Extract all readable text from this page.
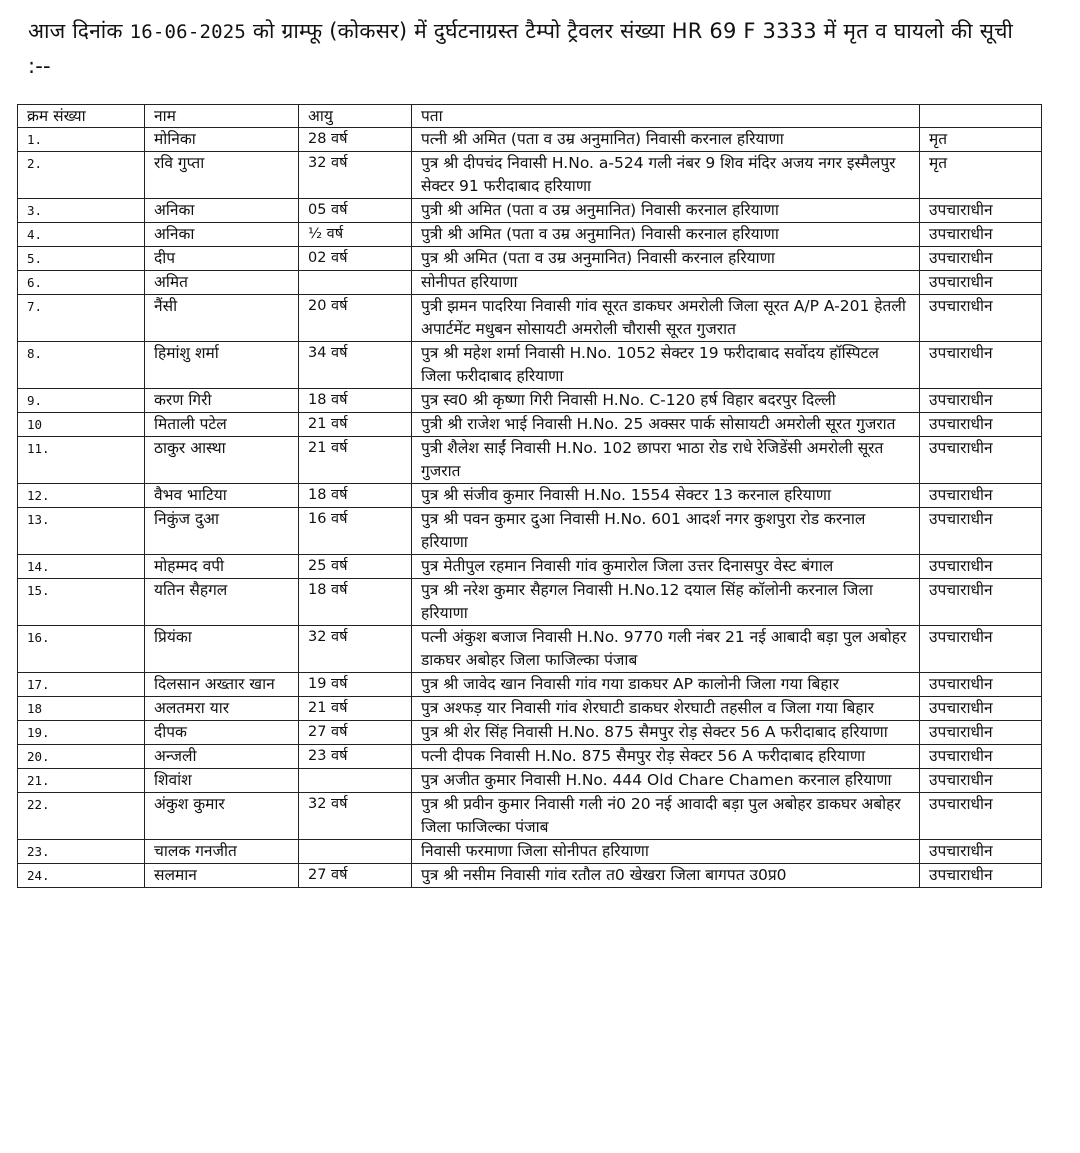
आज दिनांक 16-06-2025 को ग्राम्फू (कोकसर) में दुर्घटनाग्रस्त टैम्पो ट्रैवलर संख्या HR 69 F 3333 में मृत व घायलो की सूची :--
क्रम संख्या	नाम	आयु	पता	
1.	मोनिका	28 वर्ष	पत्नी श्री अमित (पता व उम्र अनुमानित) निवासी करनाल हरियाणा	मृत
2.	रवि गुप्ता	32 वर्ष	पुत्र श्री दीपचंद निवासी H.No. a-524 गली नंबर 9 शिव मंदिर अजय नगर इस्मैलपुर सेक्टर 91 फरीदाबाद हरियाणा	मृत
3.	अनिका	05 वर्ष	पुत्री श्री अमित (पता व उम्र अनुमानित) निवासी करनाल हरियाणा	उपचाराधीन
4.	अनिका	½ वर्ष	पुत्री श्री अमित (पता व उम्र अनुमानित) निवासी करनाल हरियाणा	उपचाराधीन
5.	दीप	02 वर्ष	पुत्र श्री अमित (पता व उम्र अनुमानित) निवासी करनाल हरियाणा	उपचाराधीन
6.	अमित		सोनीपत हरियाणा	उपचाराधीन
7.	नैंसी	20 वर्ष	पुत्री झमन पादरिया निवासी गांव सूरत डाकघर अमरोली जिला सूरत A/P A-201 हेतली अपार्टमेंट मधुबन सोसायटी अमरोली चौरासी सूरत गुजरात	उपचाराधीन
8.	हिमांशु शर्मा	34 वर्ष	पुत्र श्री महेश शर्मा निवासी H.No. 1052 सेक्टर 19 फरीदाबाद सर्वोदय हॉस्पिटल जिला फरीदाबाद हरियाणा	उपचाराधीन
9.	करण गिरी	18 वर्ष	पुत्र स्व0 श्री कृष्णा गिरी निवासी H.No. C-120 हर्ष विहार बदरपुर दिल्ली	उपचाराधीन
10	मिताली पटेल	21 वर्ष	पुत्री श्री राजेश भाई निवासी H.No. 25 अक्सर पार्क सोसायटी अमरोली सूरत गुजरात	उपचाराधीन
11.	ठाकुर आस्था	21 वर्ष	पुत्री शैलेश साईं निवासी H.No. 102 छापरा भाठा रोड राधे रेजिडेंसी अमरोली सूरत गुजरात	उपचाराधीन
12.	वैभव भाटिया	18 वर्ष	पुत्र श्री संजीव कुमार निवासी H.No. 1554 सेक्टर 13 करनाल हरियाणा	उपचाराधीन
13.	निकुंज दुआ	16 वर्ष	पुत्र श्री पवन कुमार दुआ निवासी H.No. 601 आदर्श नगर कुशपुरा रोड करनाल हरियाणा	उपचाराधीन
14.	मोहम्मद वपी	25 वर्ष	पुत्र मेतीपुल रहमान निवासी गांव कुमारोल जिला उत्तर दिनासपुर वेस्ट बंगाल	उपचाराधीन
15.	यतिन सैहगल	18 वर्ष	पुत्र श्री नरेश कुमार सैहगल निवासी H.No.12 दयाल सिंह कॉलोनी करनाल जिला हरियाणा	उपचाराधीन
16.	प्रियंका	32 वर्ष	पत्नी अंकुश बजाज निवासी H.No. 9770 गली नंबर 21 नई आबादी बड़ा पुल अबोहर डाकघर अबोहर जिला फाजिल्का पंजाब	उपचाराधीन
17.	दिलसान अख्तार खान	19 वर्ष	पुत्र श्री जावेद खान निवासी गांव गया डाकघर AP कालोनी जिला गया बिहार	उपचाराधीन
18	अलतमरा यार	21 वर्ष	पुत्र अश्फड़ यार निवासी गांव शेरघाटी डाकघर शेरघाटी तहसील व जिला गया बिहार	उपचाराधीन
19.	दीपक	27 वर्ष	पुत्र श्री शेर सिंह निवासी H.No. 875 सैमपुर रोड़ सेक्टर 56 A फरीदाबाद हरियाणा	उपचाराधीन
20.	अन्जली	23 वर्ष	पत्नी दीपक निवासी H.No. 875 सैमपुर रोड़ सेक्टर 56 A फरीदाबाद हरियाणा	उपचाराधीन
21.	शिवांश		पुत्र अजीत कुमार निवासी H.No. 444 Old Chare Chamen करनाल हरियाणा	उपचाराधीन
22.	अंकुश कुमार	32 वर्ष	पुत्र श्री प्रवीन कुमार निवासी गली नं0 20 नई आवादी बड़ा पुल अबोहर डाकघर अबोहर जिला फाजिल्का पंजाब	उपचाराधीन
23.	चालक गनजीत		निवासी फरमाणा जिला सोनीपत हरियाणा	उपचाराधीन
24.	सलमान	27 वर्ष	पुत्र श्री नसीम निवासी गांव रतौल त0 खेखरा जिला बागपत उ0प्र0	उपचाराधीन
